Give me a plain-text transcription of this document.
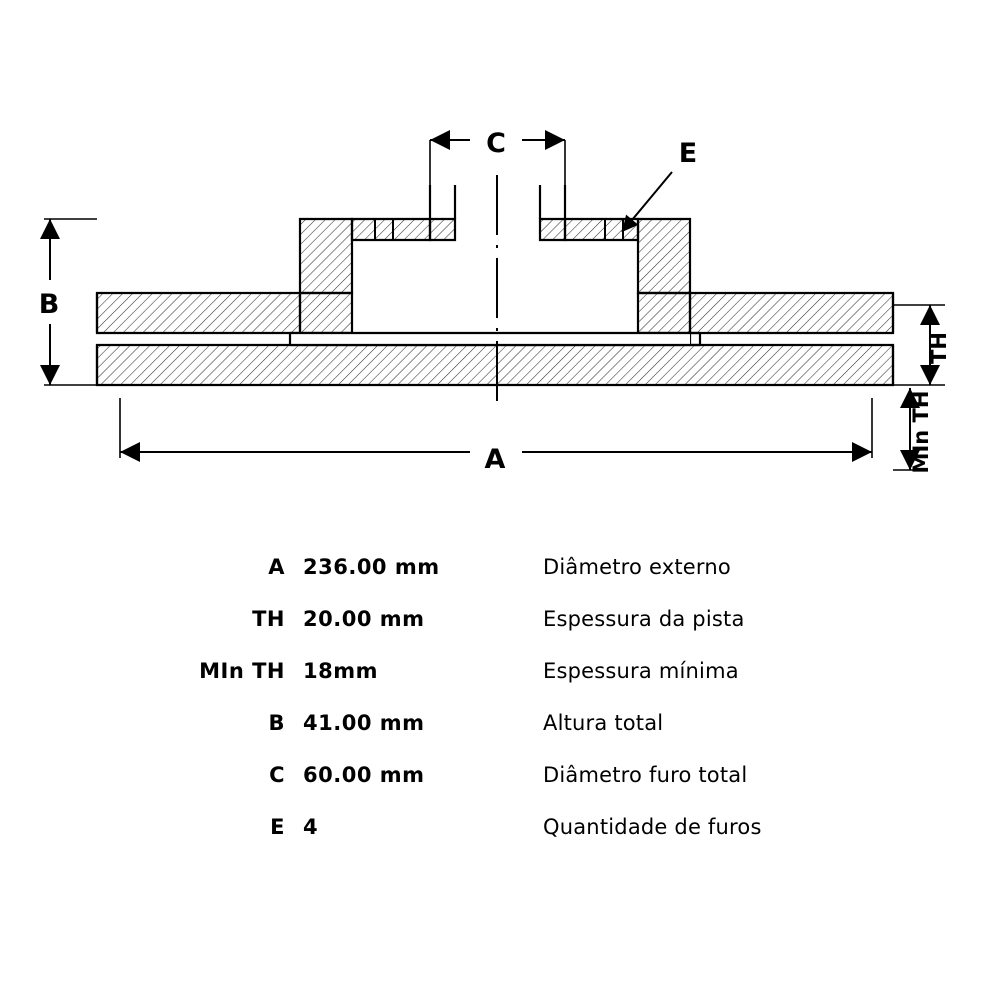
C	E
B
A
TH
MIn TH
A 236.00 mm	Diâmetro externo
TH 20.00 mm	Espessura da pista
MIn TH 18mm	Espessura mínima
B 41.00 mm	Altura total
C 60.00 mm	Diâmetro furo total
E 4	Quantidade de furos
